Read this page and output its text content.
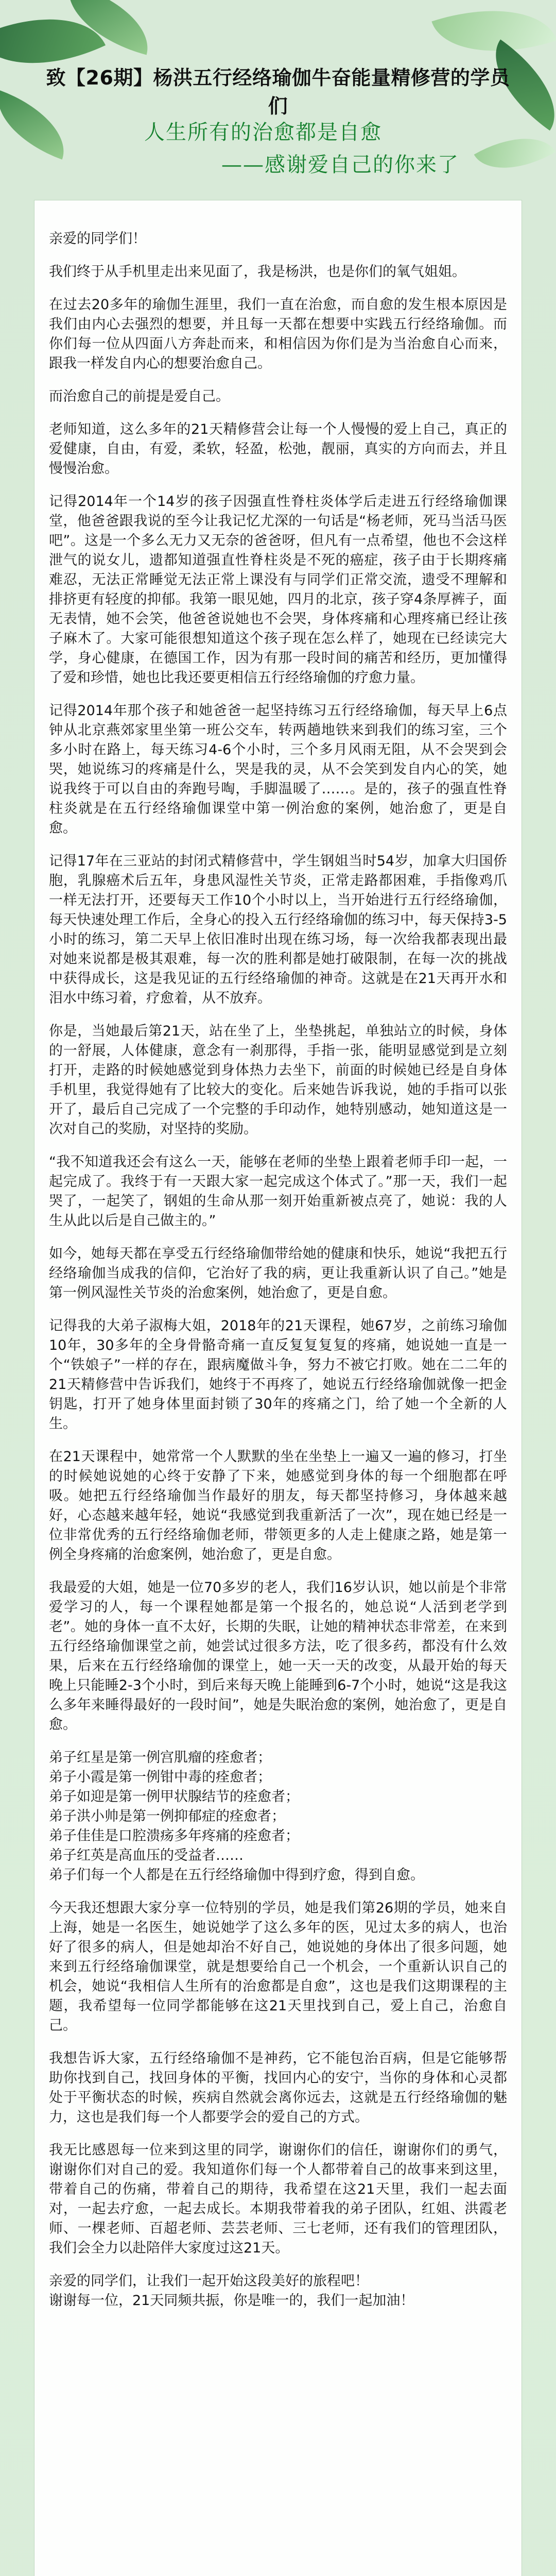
致【26期】杨洪五行经络瑜伽牛奋能量精修营的学员们
人生所有的治愈都是自愈
——感谢爱自己的你来了

亲爱的同学们！

我们终于从手机里走出来见面了，我是杨洪，也是你们的氧气姐姐。

在过去20多年的瑜伽生涯里，我们一直在治愈，而自愈的发生根本原因是我们由内心去强烈的想要，并且每一天都在想要中实践五行经络瑜伽。而你们每一位从四面八方奔赴而来，和相信因为你们是为当治愈自心而来，跟我一样发自内心的想要治愈自己。

而治愈自己的前提是爱自己。

老师知道，这么多年的21天精修营会让每一个人慢慢的爱上自己，真正的爱健康，自由，有爱，柔软，轻盈，松弛，靓丽，真实的方向而去，并且慢慢治愈。

记得2014年一个14岁的孩子因强直性脊柱炎体学后走进五行经络瑜伽课堂，他爸爸跟我说的至今让我记忆尤深的一句话是“杨老师，死马当活马医吧”。这是一个多么无力又无奈的爸爸呀，但凡有一点希望，他也不会这样泄气的说女儿，遗都知道强直性脊柱炎是不死的癌症，孩子由于长期疼痛难忍，无法正常睡觉无法正常上课没有与同学们正常交流，遗受不理解和排挤更有轻度的抑郁。我第一眼见她，四月的北京，孩子穿4条厚裤子，面无表情，她不会笑，他爸爸说她也不会哭，身体疼痛和心理疼痛已经让孩子麻木了。大家可能很想知道这个孩子现在怎么样了，她现在已经读完大学，身心健康，在德国工作，因为有那一段时间的痛苦和经历，更加懂得了爱和珍惜，她也比我还要更相信五行经络瑜伽的疗愈力量。

记得2014年那个孩子和她爸爸一起坚持练习五行经络瑜伽，每天早上6点钟从北京燕郊家里坐第一班公交车，转两趟地铁来到我们的练习室，三个多小时在路上，每天练习4-6个小时，三个多月风雨无阻，从不会哭到会哭，她说练习的疼痛是什么，哭是我的灵，从不会笑到发自内心的笑，她说我终于可以自由的奔跑号啕，手脚温暖了……。是的，孩子的强直性脊柱炎就是在五行经络瑜伽课堂中第一例治愈的案例，她治愈了，更是自愈。

记得17年在三亚站的封闭式精修营中，学生钢姐当时54岁，加拿大归国侨胞，乳腺癌术后五年，身患风湿性关节炎，正常走路都困难，手指像鸡爪一样无法打开，还要每天工作10个小时以上，当开始进行五行经络瑜伽，每天快速处理工作后，全身心的投入五行经络瑜伽的练习中，每天保持3-5小时的练习，第二天早上依旧准时出现在练习场，每一次给我都表现出最对她来说都是极其艰难，每一次的胜利都是她打破限制，在每一次的挑战中获得成长，这是我见证的五行经络瑜伽的神奇。这就是在21天再开水和泪水中练习着，疗愈着，从不放弃。

你是，当她最后第21天，站在坐了上，坐垫挑起，单独站立的时候，身体的一舒展，人体健康，意念有一刹那得，手指一张，能明显感觉到是立刻打开，走路的时候她感觉到身体热力去坐下，前面的时候她已经是自身体手机里，我觉得她有了比较大的变化。后来她告诉我说，她的手指可以张开了，最后自己完成了一个完整的手印动作，她特别感动，她知道这是一次对自己的奖励，对坚持的奖励。

“我不知道我还会有这么一天，能够在老师的坐垫上跟着老师手印一起，一起完成了。我终于有一天跟大家一起完成这个体式了。”那一天，我们一起哭了，一起笑了，钢姐的生命从那一刻开始重新被点亮了，她说：我的人生从此以后是自己做主的。”

如今，她每天都在享受五行经络瑜伽带给她的健康和快乐，她说“我把五行经络瑜伽当成我的信仰，它治好了我的病，更让我重新认识了自己。”她是第一例风湿性关节炎的治愈案例，她治愈了，更是自愈。

记得我的大弟子淑梅大姐，2018年的21天课程，她67岁，之前练习瑜伽10年，30多年的全身骨骼奇痛一直反复复复复的疼痛，她说她一直是一个“铁娘子”一样的存在，跟病魔做斗争，努力不被它打败。她在二二年的21天精修营中告诉我们，她终于不再疼了，她说五行经络瑜伽就像一把金钥匙，打开了她身体里面封锁了30年的疼痛之门，给了她一个全新的人生。

在21天课程中，她常常一个人默默的坐在坐垫上一遍又一遍的修习，打坐的时候她说她的心终于安静了下来，她感觉到身体的每一个细胞都在呼吸。她把五行经络瑜伽当作最好的朋友，每天都坚持修习，身体越来越好，心态越来越年轻，她说“我感觉到我重新活了一次”，现在她已经是一位非常优秀的五行经络瑜伽老师，带领更多的人走上健康之路，她是第一例全身疼痛的治愈案例，她治愈了，更是自愈。

我最爱的大姐，她是一位70多岁的老人，我们16岁认识，她以前是个非常爱学习的人，每一个课程她都是第一个报名的，她总说“人活到老学到老”。她的身体一直不太好，长期的失眠，让她的精神状态非常差，在来到五行经络瑜伽课堂之前，她尝试过很多方法，吃了很多药，都没有什么效果，后来在五行经络瑜伽的课堂上，她一天一天的改变，从最开始的每天晚上只能睡2-3个小时，到后来每天晚上能睡到6-7个小时，她说“这是我这么多年来睡得最好的一段时间”，她是失眠治愈的案例，她治愈了，更是自愈。

弟子红星是第一例宫肌瘤的痊愈者；
弟子小霞是第一例钳中毒的痊愈者；
弟子如迎是第一例甲状腺结节的痊愈者；
弟子洪小帅是第一例抑郁症的痊愈者；
弟子佳佳是口腔溃疡多年疼痛的痊愈者；
弟子红英是高血压的受益者……
弟子们每一个人都是在五行经络瑜伽中得到疗愈，得到自愈。

今天我还想跟大家分享一位特别的学员，她是我们第26期的学员，她来自上海，她是一名医生，她说她学了这么多年的医，见过太多的病人，也治好了很多的病人，但是她却治不好自己，她说她的身体出了很多问题，她来到五行经络瑜伽课堂，就是想要给自己一个机会，一个重新认识自己的机会，她说“我相信人生所有的治愈都是自愈”，这也是我们这期课程的主题，我希望每一位同学都能够在这21天里找到自己，爱上自己，治愈自己。

我想告诉大家，五行经络瑜伽不是神药，它不能包治百病，但是它能够帮助你找到自己，找回身体的平衡，找回内心的安宁，当你的身体和心灵都处于平衡状态的时候，疾病自然就会离你远去，这就是五行经络瑜伽的魅力，这也是我们每一个人都要学会的爱自己的方式。

我无比感恩每一位来到这里的同学，谢谢你们的信任，谢谢你们的勇气，谢谢你们对自己的爱。我知道你们每一个人都带着自己的故事来到这里，带着自己的伤痛，带着自己的期待，我希望在这21天里，我们一起去面对，一起去疗愈，一起去成长。本期我带着我的弟子团队，红姐、洪霞老师、一棵老师、百超老师、芸芸老师、三七老师，还有我们的管理团队，我们会全力以赴陪伴大家度过这21天。

亲爱的同学们，让我们一起开始这段美好的旅程吧！
谢谢每一位，21天同频共振，你是唯一的，我们一起加油！
